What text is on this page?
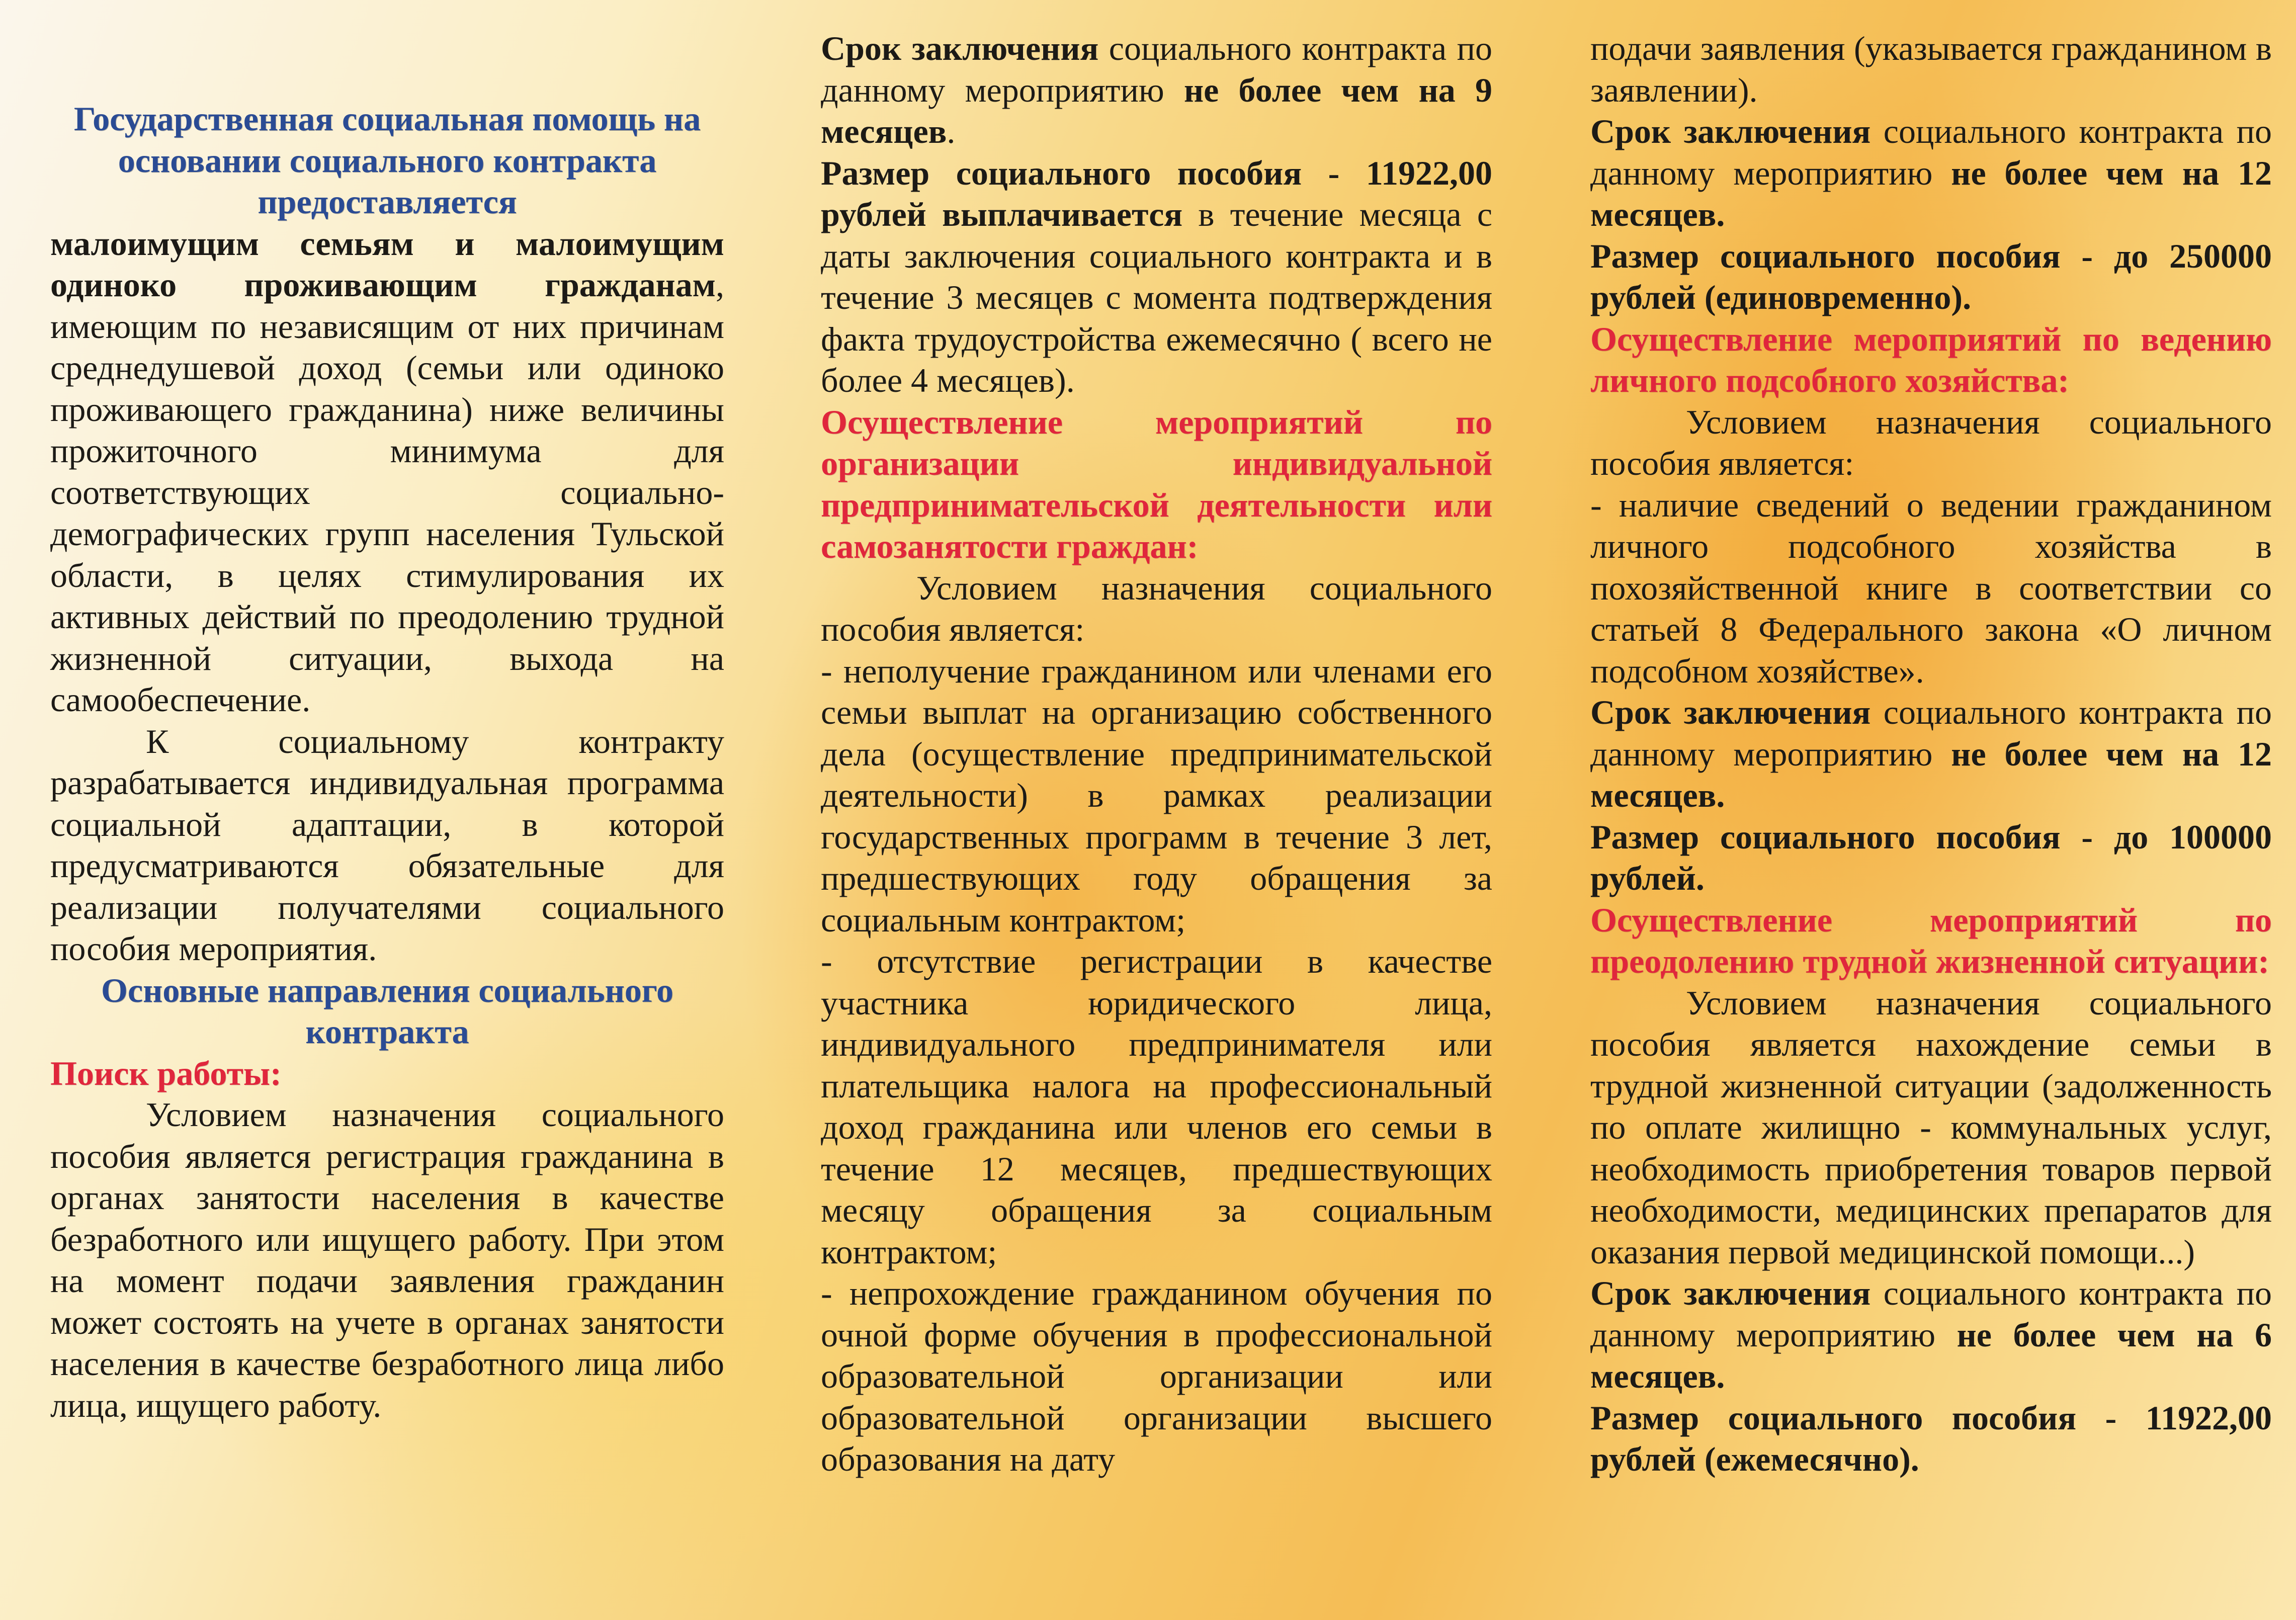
Государственная социальная помощь на основании социального контракта предоставляется

малоимущим семьям и малоимущим одиноко проживающим гражданам, имеющим по независящим от них причинам среднедушевой доход (семьи или одиноко проживающего гражданина) ниже величины прожиточного минимума для соответствующих социально-демографических групп населения Тульской области, в целях стимулирования их активных действий по преодолению трудной жизненной ситуации, выхода на самообеспечение.

К социальному контракту разрабатывается индивидуальная программа социальной адаптации, в которой предусматриваются обязательные для реализации получателями социального пособия мероприятия.

Основные направления социального контракта

Поиск работы:

Условием назначения социального пособия является регистрация гражданина в органах занятости населения в качестве безработного или ищущего работу. При этом на момент подачи заявления гражданин может состоять на учете в органах занятости населения в качестве безработного лица либо лица, ищущего работу.

Срок заключения социального контракта по данному мероприятию не более чем на 9 месяцев.

Размер социального пособия - 11922,00 рублей выплачивается в течение месяца с даты заключения социального контракта и в течение 3 месяцев с момента подтверждения факта трудоустройства ежемесячно ( всего не более 4 месяцев).

Осуществление мероприятий по организации индивидуальной предпринимательской деятельности или самозанятости граждан:

Условием назначения социального пособия является:

- неполучение гражданином или членами его семьи выплат на организацию собственного дела (осуществление предпринимательской деятельности) в рамках реализации государственных программ в течение 3 лет, предшествующих году обращения за социальным контрактом;

- отсутствие регистрации в качестве участника юридического лица, индивидуального предпринимателя или плательщика налога на профессиональный доход гражданина или членов его семьи в течение 12 месяцев, предшествующих месяцу обращения за социальным контрактом;

- непрохождение гражданином обучения по очной форме обучения в профессиональной образовательной организации или образовательной организации высшего образования на дату

подачи заявления (указывается гражданином в заявлении).

Срок заключения социального контракта по данному мероприятию не более чем на 12 месяцев.

Размер социального пособия - до 250000 рублей (единовременно).

Осуществление мероприятий по ведению личного подсобного хозяйства:

Условием назначения социального пособия является:

- наличие сведений о ведении гражданином личного подсобного хозяйства в похозяйственной книге в соответствии со статьей 8 Федерального закона «О личном подсобном хозяйстве».

Срок заключения социального контракта по данному мероприятию не более чем на 12 месяцев.

Размер социального пособия - до 100000 рублей.

Осуществление мероприятий по преодолению трудной жизненной ситуации:

Условием назначения социального пособия является нахождение семьи в трудной жизненной ситуации (задолженность по оплате жилищно - коммунальных услуг, необходимость приобретения товаров первой необходимости, медицинских препаратов для оказания первой медицинской помощи...)

Срок заключения социального контракта по данному мероприятию не более чем на 6 месяцев.

Размер социального пособия - 11922,00 рублей (ежемесячно).
